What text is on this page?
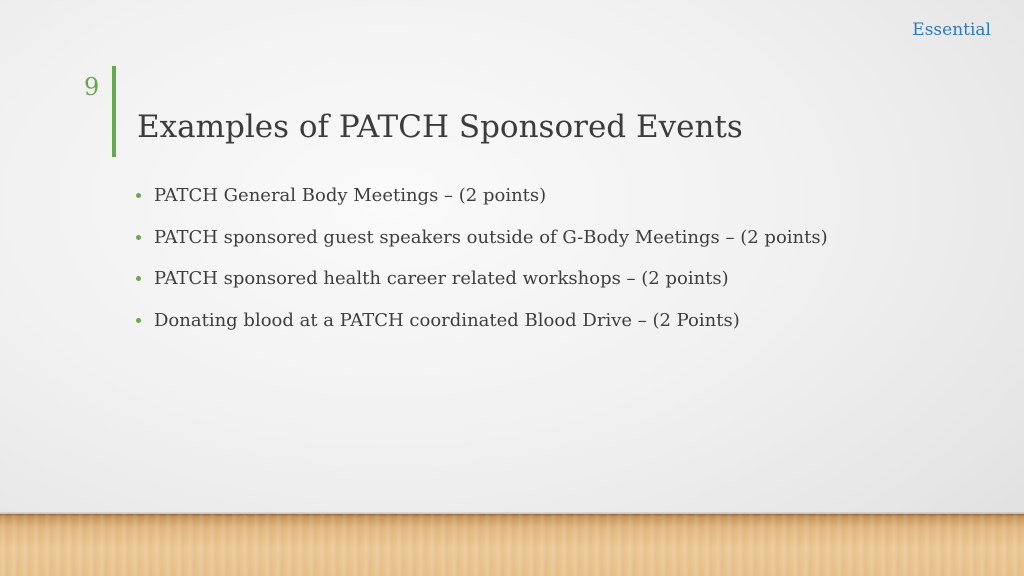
Essential
9
Examples of PATCH Sponsored Events
PATCH General Body Meetings – (2 points)
PATCH sponsored guest speakers outside of G-Body Meetings – (2 points)
PATCH sponsored health career related workshops – (2 points)
Donating blood at a PATCH coordinated Blood Drive – (2 Points)
